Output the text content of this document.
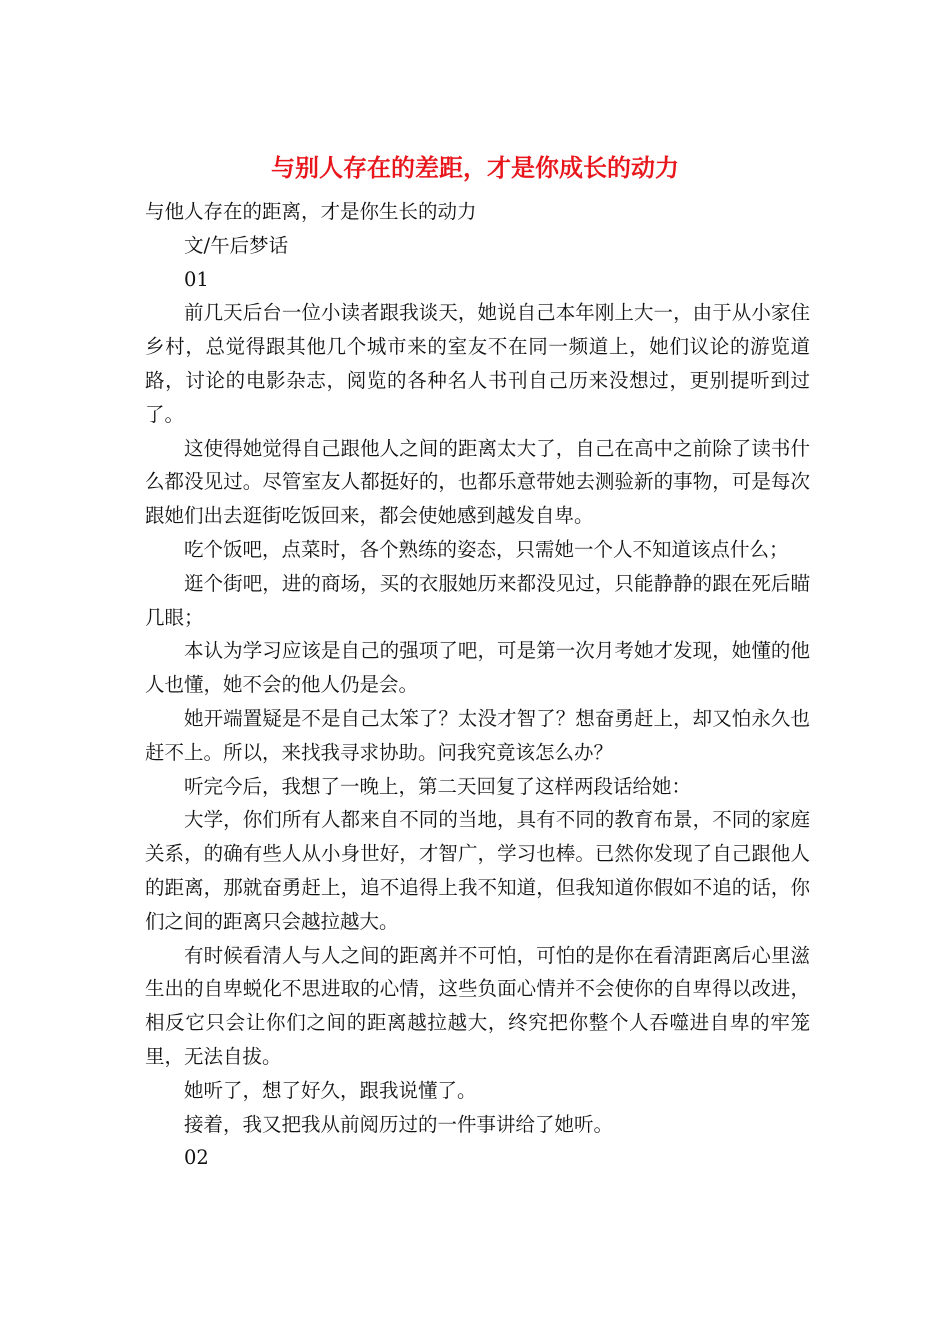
与别人存在的差距，才是你成长的动力

与他人存在的距离，才是你生长的动力

文/午后梦话

01

前几天后台一位小读者跟我谈天，她说自己本年刚上大一，由于从小家住乡村，总觉得跟其他几个城市来的室友不在同一频道上，她们议论的游览道路，讨论的电影杂志，阅览的各种名人书刊自己历来没想过，更别提听到过了。

这使得她觉得自己跟他人之间的距离太大了，自己在高中之前除了读书什么都没见过。尽管室友人都挺好的，也都乐意带她去测验新的事物，可是每次跟她们出去逛街吃饭回来，都会使她感到越发自卑。

吃个饭吧，点菜时，各个熟练的姿态，只需她一个人不知道该点什么；

逛个街吧，进的商场，买的衣服她历来都没见过，只能静静的跟在死后瞄几眼；

本认为学习应该是自己的强项了吧，可是第一次月考她才发现，她懂的他人也懂，她不会的他人仍是会。

她开端置疑是不是自己太笨了？太没才智了？想奋勇赶上，却又怕永久也赶不上。所以，来找我寻求协助。问我究竟该怎么办？

听完今后，我想了一晚上，第二天回复了这样两段话给她：

大学，你们所有人都来自不同的当地，具有不同的教育布景，不同的家庭关系，的确有些人从小身世好，才智广，学习也棒。已然你发现了自己跟他人的距离，那就奋勇赶上，追不追得上我不知道，但我知道你假如不追的话，你们之间的距离只会越拉越大。

有时候看清人与人之间的距离并不可怕，可怕的是你在看清距离后心里滋生出的自卑蜕化不思进取的心情，这些负面心情并不会使你的自卑得以改进，相反它只会让你们之间的距离越拉越大，终究把你整个人吞噬进自卑的牢笼里，无法自拔。

她听了，想了好久，跟我说懂了。

接着，我又把我从前阅历过的一件事讲给了她听。

02
